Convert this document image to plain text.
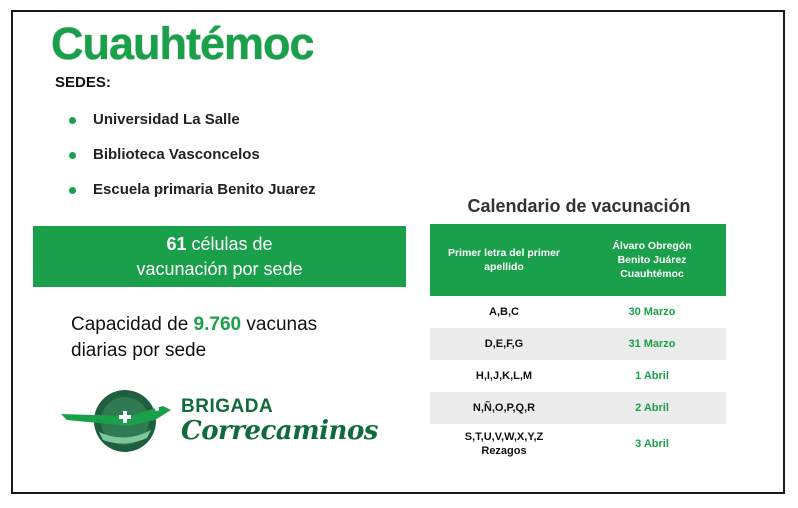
Cuauhtémoc
SEDES:
Universidad La Salle
Biblioteca Vasconcelos
Escuela primaria Benito Juarez
61 células de
vacunación por sede
Capacidad de 9.760 vacunas
diarias por sede
BRIGADA
Correcaminos
Calendario de vacunación
Primer letra del primer apellido	Álvaro Obregón
Benito Juárez
Cuauhtémoc

A,B,C	30 Marzo
D,E,F,G	31 Marzo
H,I,J,K,L,M	1 Abril
N,Ñ,O,P,Q,R	2 Abril

S,T,U,V,W,X,Y,Z
Rezagos	3 Abril
